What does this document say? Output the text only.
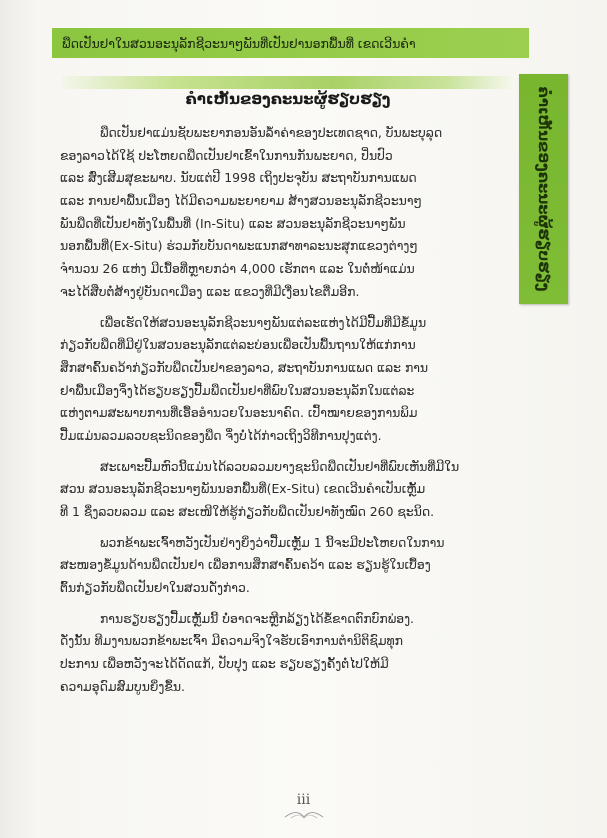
ພືດເປັນຢາໃນສວນອະນຸລັກຊີວະນາໆພັນທີ່ເປັນຢານອກພື້ນທີ່ ເຂດເວີນຄໍາ
ຄໍາເຫັນຂອງຄະນະຜູ້ຮຽບຮຽງ
ຄໍາເຫັນຂອງຄະນະຜູ້ຮຽບຮຽງ
ພືດເປັນຢາແມ່ນຊັບພະຍາກອນອັນລໍ້າຄ່າຂອງປະເທດຊາດ, ບັນພະບຸລຸດ
ຂອງລາວໄດ້ໃຊ້ ປະໂຫຍດພືດເປັນຢາເຂົ້າໃນການກັນພະຍາດ, ປິ່ນປົວ
ແລະ ສົ່ງເສີມສຸຂະພາບ. ນັບແຕ່ປີ 1998 ເຖິງປະຈຸບັນ ສະຖາບັນການແພດ
ແລະ ການຢາພື້ນເມືອງ ໄດ້ມີຄວາມພະຍາຍາມ ສ້າງສວນອະນຸລັກຊີວະນາໆ
ພັນພືດທີ່ເປັນຢາທັງໃນພື້ນທີ່ (In-Situ) ແລະ ສວນອະນຸລັກຊີວະນາໆພັນ
ນອກພື້ນທີ່(Ex-Situ) ຮ່ວມກັບບັນດາພະແນກສາທາລະນະສຸກແຂວງຕ່າງໆ
ຈໍານວນ 26 ແຫ່ງ ມີເນື້ອທີ່ຫຼາຍກວ່າ 4,000 ເຮັກຕາ ແລະ ໃນຕໍ່ໜ້າແມ່ນ
ຈະໄດ້ສືບຕໍ່ສ້າງຢູ່ບັນດາເມືອງ ແລະ ແຂວງທີ່ມີເງື່ອນໄຂຕື່ມອີກ.
ເພື່ອເຮັດໃຫ້ສວນອະນຸລັກຊີວະນາໆພັນແຕ່ລະແຫ່ງໄດ້ມີປື້ມທີ່ມີຂໍ້ມູນ
ກ່ຽວກັບພືດທີ່ມີຢູ່ໃນສວນອະນຸລັກແຕ່ລະບ່ອນເພື່ອເປັນພື້ນຖານໃຫ້ແກ່ການ
ສຶກສາຄົ້ນຄວ້າກ່ຽວກັບພືດເປັນຢາຂອງລາວ, ສະຖາບັນການແພດ ແລະ ການ
ຢາພື້ນເມືອງຈຶ່ງໄດ້ຮຽບຮຽງປື້ມພືດເປັນຢາທີ່ພົບໃນສວນອະນຸລັກໃນແຕ່ລະ
ແຫ່ງຕາມສະພາບການທີ່ເອື້ອອໍານວຍໃນອະນາຄົດ. ເປົ້າໝາຍຂອງການພິມ
ປື້ມແມ່ນລວມລວບຊະນິດຂອງພືດ ຈຶ່ງບໍ່ໄດ້ກ່າວເຖິງວິທີການປຸງແຕ່ງ.
ສະເພາະປື້ມຫົວນີ້ແມ່ນໄດ້ລວບລວມບາງຊະນິດພືດເປັນຢາທີ່ພົບເຫັນທີ່ມີໃນ
ສວນ ສວນອະນຸລັກຊີວະນາໆພັນນອກພື້ນທີ່(Ex-Situ) ເຂດເວີນຄໍາເປັນເຫຼັ້ມ
ທີ 1 ຊຶ່ງລວບລວມ ແລະ ສະເໜີໃຫ້ຮູ້ກ່ຽວກັບພືດເປັນຢາທັງໝົດ 260 ຊະນິດ.
ພວກຂ້າພະເຈົ້າຫວັງເປັນຢ່າງຍິ່ງວ່າປື້ມເຫຼັ້ມ 1 ນີ້ຈະມີປະໂຫຍດໃນການ
ສະໜອງຂໍ້ມູນດ້ານພືດເປັນຢາ ເພື່ອການສຶກສາຄົ້ນຄວ້າ ແລະ ຮຽນຮູ້ໃນເບື້ອງ
ຕົ້ນກ່ຽວກັບພືດເປັນຢາໃນສວນດັ່ງກ່າວ.
ການຮຽບຮຽງປື້ມເຫຼັ້ມນີ້ ບໍ່ອາດຈະຫຼີກລ້ຽງໄດ້ຂໍ້ຂາດຕົກບົກພ່ອງ.
ດັ່ງນັ້ນ ທີມງານພວກຂ້າພະເຈົ້າ ມີຄວາມຈິງໃຈຮັບເອົາການຕໍານິຕິຊົມທຸກ
ປະການ ເພື່ອຫວັງຈະໄດ້ດັດແກ້, ປັບປຸງ ແລະ ຮຽບຮຽງຄັ້ງຕໍ່ໄປໃຫ້ມີ
ຄວາມອຸດົມສົມບູນຍິ່ງຂຶ້ນ.
iii
